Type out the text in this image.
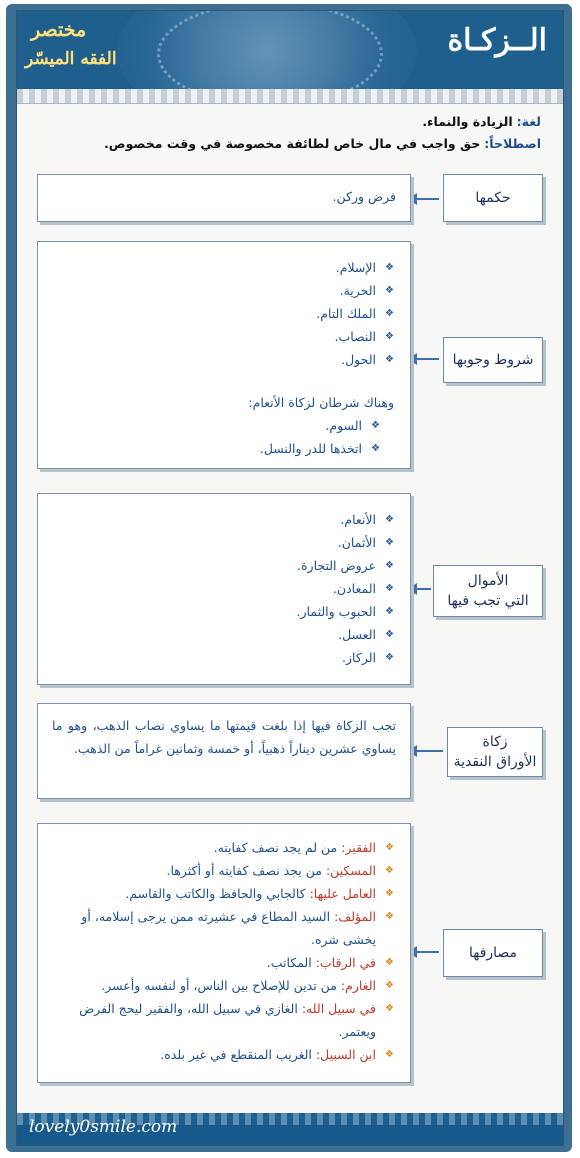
الــزكـاة
مختصر
الفقه الميسّر
لغة: الزيادة والنماء.
اصطلاحاً: حق واجب في مال خاص لطائفة مخصوصة في وقت مخصوص.
حكمها
فرض وركن.
شروط وجوبها
❖ الإسلام.
❖ الحرية.
❖ الملك التام.
❖ النصاب.
❖ الحول.
وهناك شرطان لزكاة الأنعام:
❖ السوم.
❖ اتخذها للدر والنسل.
الأموال
التي تجب فيها
❖ الأنعام.
❖ الأثمان.
❖ عروض التجارة.
❖ المعادن.
❖ الحبوب والثمار.
❖ العسل.
❖ الركاز.
زكاة
الأوراق النقدية
تجب الزكاة فيها إذا بلغت قيمتها ما يساوي نصاب الذهب، وهو ما يساوي عشرين ديناراً ذهبياً، أو خمسة وثمانين غراماً من الذهب.
مصارفها
❖ الفقير: من لم يجد نصف كفايته.
❖ المسكين: من يجد نصف كفايته أو أكثرها.
❖ العامل عليها: كالجابي والحافظ والكاتب والقاسم.
❖ المؤلف: السيد المطاع في عشيرته ممن يرجى إسلامه، أو يخشى شره.
❖ في الرقاب: المكاتب.
❖ الغارم: من تدين للإصلاح بين الناس، أو لنفسه وأعسر.
❖ في سبيل الله: الغازي في سبيل الله، والفقير ليحج الفرض ويعتمر.
❖ ابن السبيل: الغريب المنقطع في غير بلده.
lovely0smile.com
